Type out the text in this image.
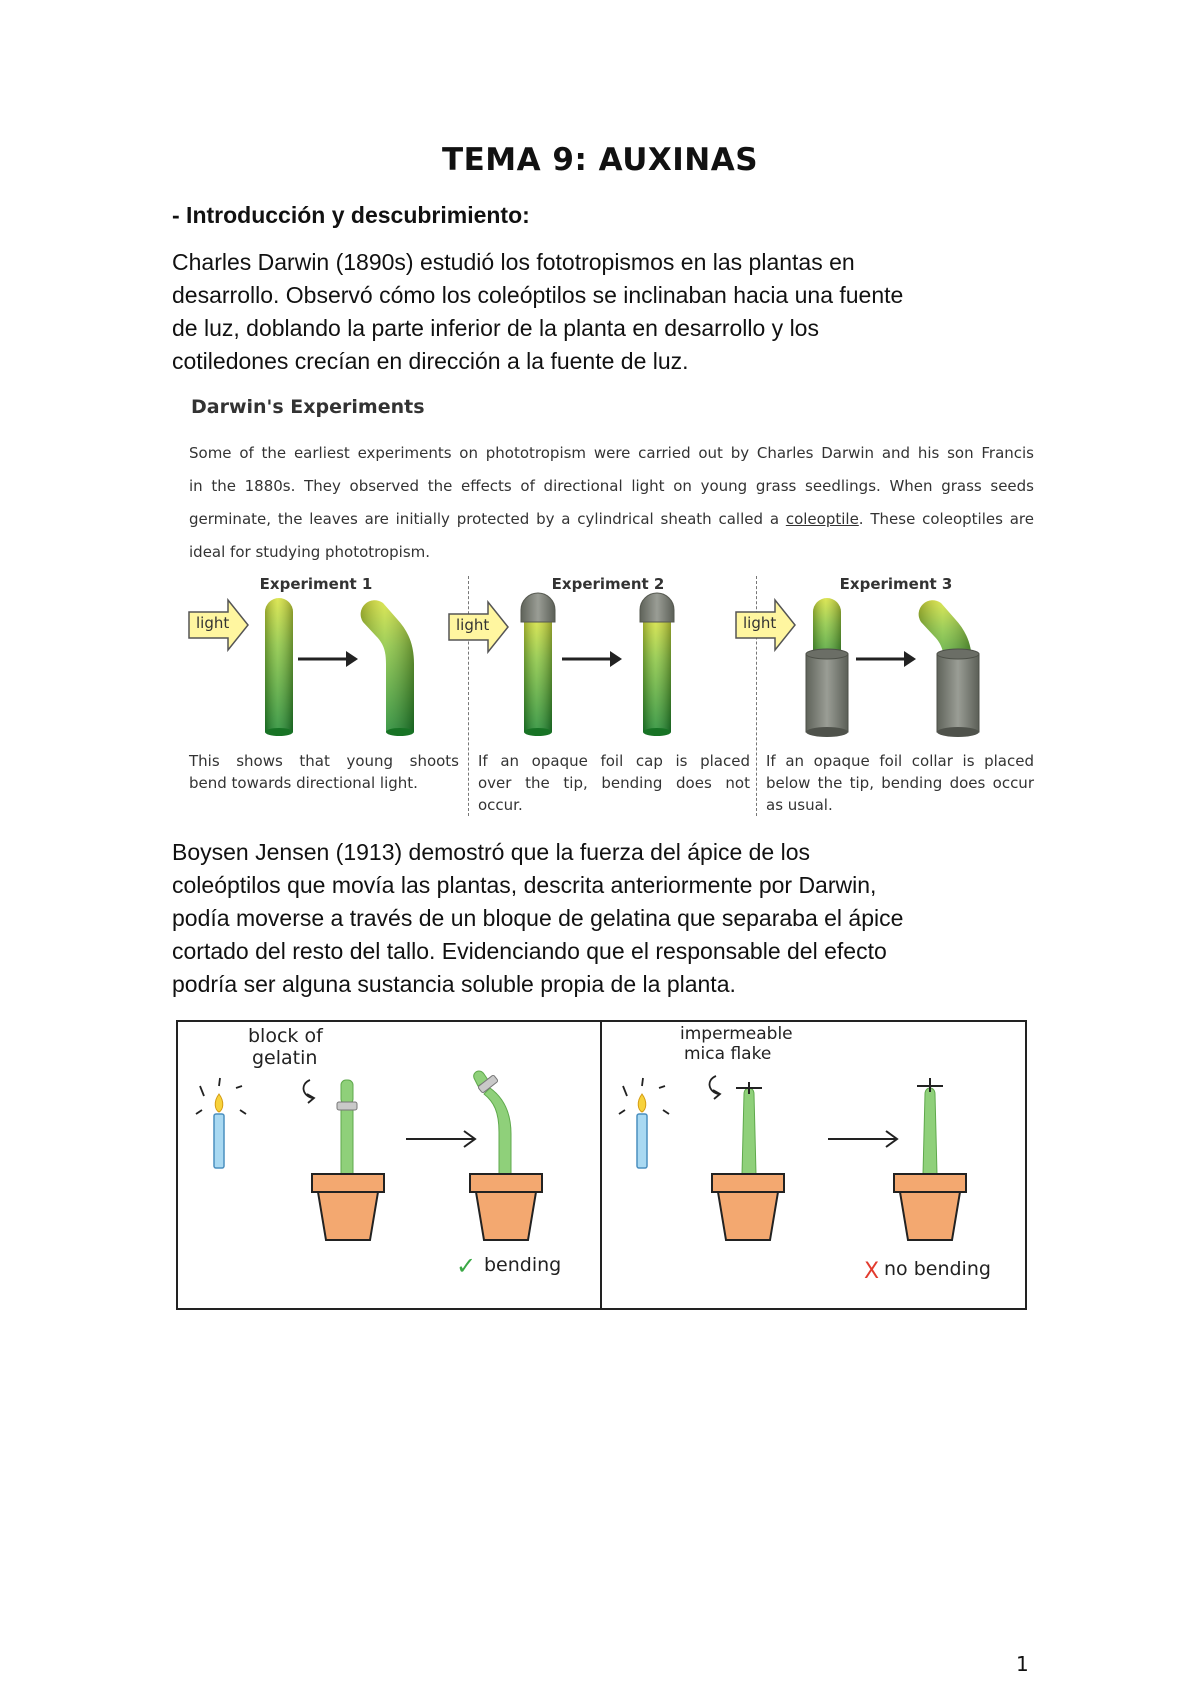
TEMA 9: AUXINAS
- Introducción y descubrimiento:

Charles Darwin (1890s) estudió los fototropismos en las plantas en
desarrollo. Observó cómo los coleóptilos se inclinaban hacia una fuente
de luz, doblando la parte inferior de la planta en desarrollo y los
cotiledones crecían en dirección a la fuente de luz.

Darwin's Experiments
Some of the earliest experiments on phototropism were carried out by Charles Darwin and his son Francis
in the 1880s. They observed the effects of directional light on young grass seedlings. When grass seeds
germinate, the leaves are initially protected by a cylindrical sheath called a coleoptile. These coleoptiles are
ideal for studying phototropism.
Experiment 1	Experiment 2	Experiment 3
light	light	light
This shows that young shoots
bend towards directional light.
If an opaque foil cap is placed
over the tip, bending does not
occur.
If an opaque foil collar is placed
below the tip, bending does occur
as usual.

Boysen Jensen (1913) demostró que la fuerza del ápice de los
coleóptilos que movía las plantas, descrita anteriormente por Darwin,
podía moverse a través de un bloque de gelatina que separaba el ápice
cortado del resto del tallo. Evidenciando que el responsable del efecto
podría ser alguna sustancia soluble propia de la planta.

✓	X
block of
gelatin
bending
impermeable
mica flake
no bending
1
